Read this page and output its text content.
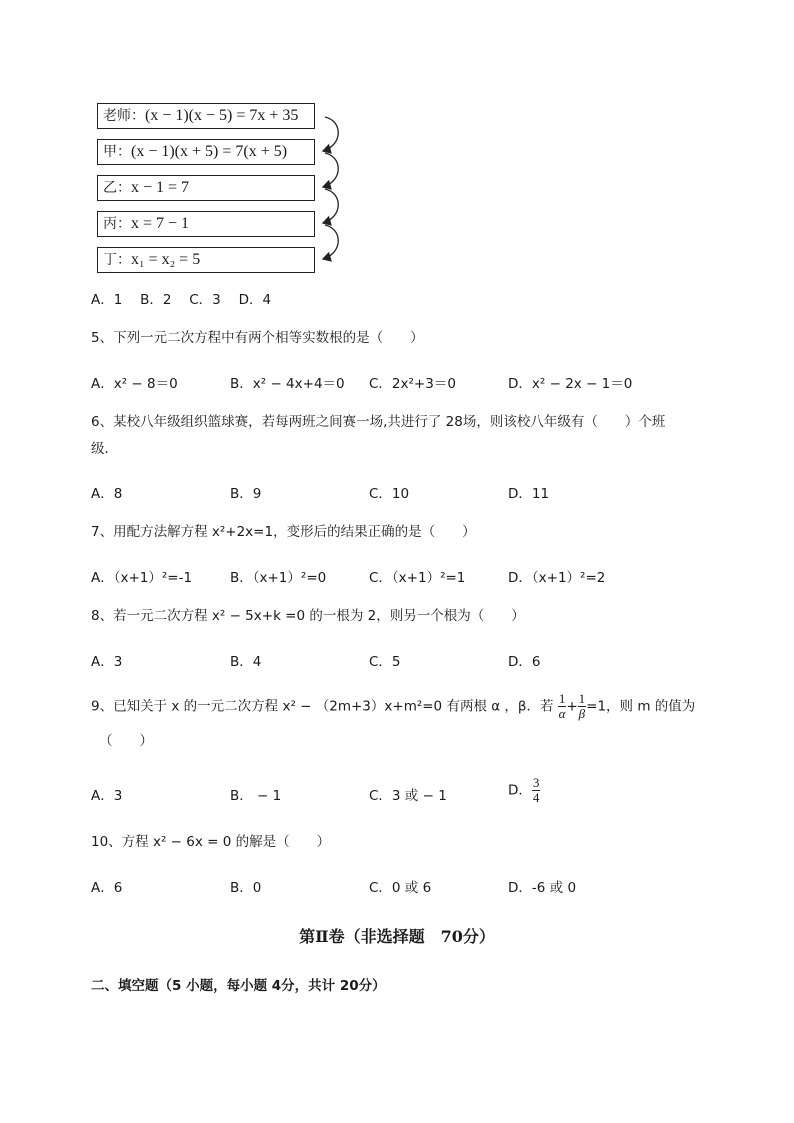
老师：(x − 1)(x − 5) = 7x + 35
甲：(x − 1)(x + 5) = 7(x + 5)
乙：x − 1 = 7
丙：x = 7 − 1
丁：x₁ = x₂ = 5
A．1　 B．2　 C．3　 D．4
5、下列一元二次方程中有两个相等实数根的是（　　）
A．x² − 8＝0	B．x² − 4x+4＝0 C．2x²+3＝0	D．x² − 2x − 1＝0
6、某校八年级组织篮球赛，若每两班之间赛一场,共进行了 28场，则该校八年级有（　　）个班
级．
A．8	B．9	C．10	D．11
7、用配方法解方程 x²+2x=1，变形后的结果正确的是（　　）
A．（x+1）²=-1	B．（x+1）²=0	C．（x+1）²=1	D．（x+1）²=2
8、若一元二次方程 x² − 5x+k =0 的一根为 2，则另一个根为（　　）
A．3	B．4	C．5	D．6
9、已知关于 x 的一元二次方程 x² − （2m+3）x+m²=0 有两根 α ，β．若 $\frac{1}{\alpha} + \frac{1}{\beta} =1$，则 m 的值为
（　　）
A．3	B． − 1	C．3 或 − 1	D． $\frac{3}{4}$
10、方程 x² − 6x = 0 的解是（　　）
A．6	B．0	C．0 或 6	D．-6 或 0
第Ⅱ卷（非选择题　70分）
二、填空题（5 小题，每小题 4分，共计 20分）
